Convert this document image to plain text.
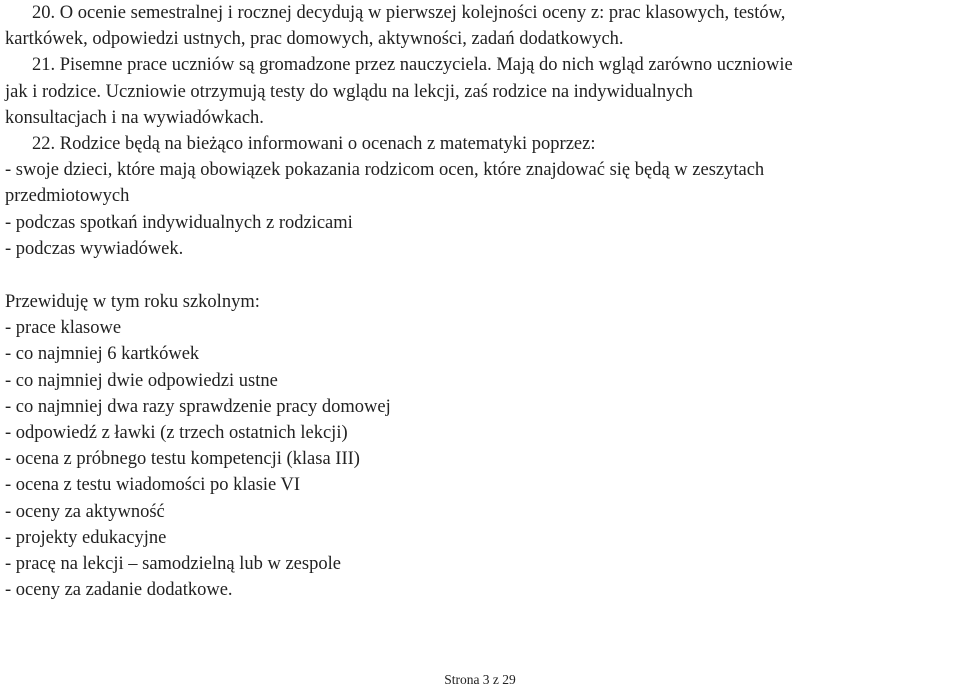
20. O ocenie semestralnej i rocznej decydują w pierwszej kolejności oceny z: prac klasowych, testów,

kartkówek, odpowiedzi ustnych, prac domowych, aktywności, zadań dodatkowych.

21. Pisemne prace uczniów są gromadzone przez nauczyciela. Mają do nich wgląd zarówno uczniowie

jak i rodzice. Uczniowie otrzymują testy do wglądu na lekcji, zaś rodzice na indywidualnych

konsultacjach i na wywiadówkach.

22. Rodzice będą na bieżąco informowani o ocenach z matematyki poprzez:

- swoje dzieci, które mają obowiązek pokazania rodzicom ocen, które znajdować się będą w zeszytach

przedmiotowych

- podczas spotkań indywidualnych z rodzicami

- podczas wywiadówek.

Przewiduję w tym roku szkolnym:

- prace klasowe

- co najmniej 6 kartkówek

- co najmniej dwie odpowiedzi ustne

- co najmniej dwa razy sprawdzenie pracy domowej

- odpowiedź z ławki (z trzech ostatnich lekcji)

- ocena z próbnego testu kompetencji (klasa III)

- ocena z testu wiadomości po klasie VI

- oceny za aktywność

- projekty edukacyjne

- pracę na lekcji – samodzielną lub w zespole

- oceny za zadanie dodatkowe.

Strona 3 z 29
